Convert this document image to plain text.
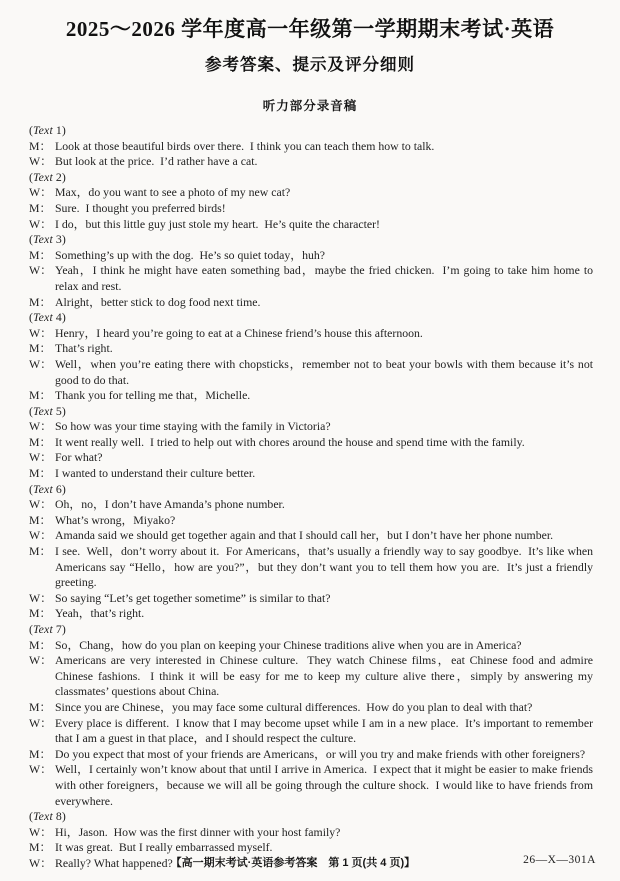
2025～2026 学年度高一年级第一学期期末考试·英语
参考答案、提示及评分细则
听力部分录音稿
(Text 1)
M： Look at those beautiful birds over there.  I think you can teach them how to talk.
W： But look at the price.  I’d rather have a cat.
(Text 2)
W： Max，do you want to see a photo of my new cat?
M： Sure.  I thought you preferred birds!
W： I do，but this little guy just stole my heart.  He’s quite the character!
(Text 3)
M： Something’s up with the dog.  He’s so quiet today，huh?
W： Yeah，I think he might have eaten something bad，maybe the fried chicken.  I’m going to take him home to relax and rest.
M： Alright，better stick to dog food next time.
(Text 4)
W： Henry，I heard you’re going to eat at a Chinese friend’s house this afternoon.
M： That’s right.
W： Well，when you’re eating there with chopsticks，remember not to beat your bowls with them because it’s not good to do that.
M： Thank you for telling me that，Michelle.
(Text 5)
W： So how was your time staying with the family in Victoria?
M： It went really well.  I tried to help out with chores around the house and spend time with the family.
W： For what?
M： I wanted to understand their culture better.
(Text 6)
W： Oh，no，I don’t have Amanda’s phone number.
M： What’s wrong，Miyako?
W： Amanda said we should get together again and that I should call her，but I don’t have her phone number.
M： I see.  Well，don’t worry about it.  For Americans，that’s usually a friendly way to say goodbye.  It’s like when Americans say “Hello，how are you?”，but they don’t want you to tell them how you are.  It’s just a friendly greeting.
W： So saying “Let’s get together sometime” is similar to that?
M： Yeah，that’s right.
(Text 7)
M： So，Chang，how do you plan on keeping your Chinese traditions alive when you are in America?
W： Americans are very interested in Chinese culture.  They watch Chinese films，eat Chinese food and admire Chinese fashions.  I think it will be easy for me to keep my culture alive there，simply by answering my classmates’ questions about China.
M： Since you are Chinese，you may face some cultural differences.  How do you plan to deal with that?
W： Every place is different.  I know that I may become upset while I am in a new place.  It’s important to remember that I am a guest in that place，and I should respect the culture.
M： Do you expect that most of your friends are Americans，or will you try and make friends with other foreigners?
W： Well，I certainly won’t know about that until I arrive in America.  I expect that it might be easier to make friends with other foreigners，because we will all be going through the culture shock.  I would like to have friends from everywhere.
(Text 8)
W： Hi，Jason.  How was the first dinner with your host family?
M： It was great.  But I really embarrassed myself.
W： Really? What happened?
【高一期末考试·英语参考答案　第 1 页(共 4 页)】	26—X—301A
